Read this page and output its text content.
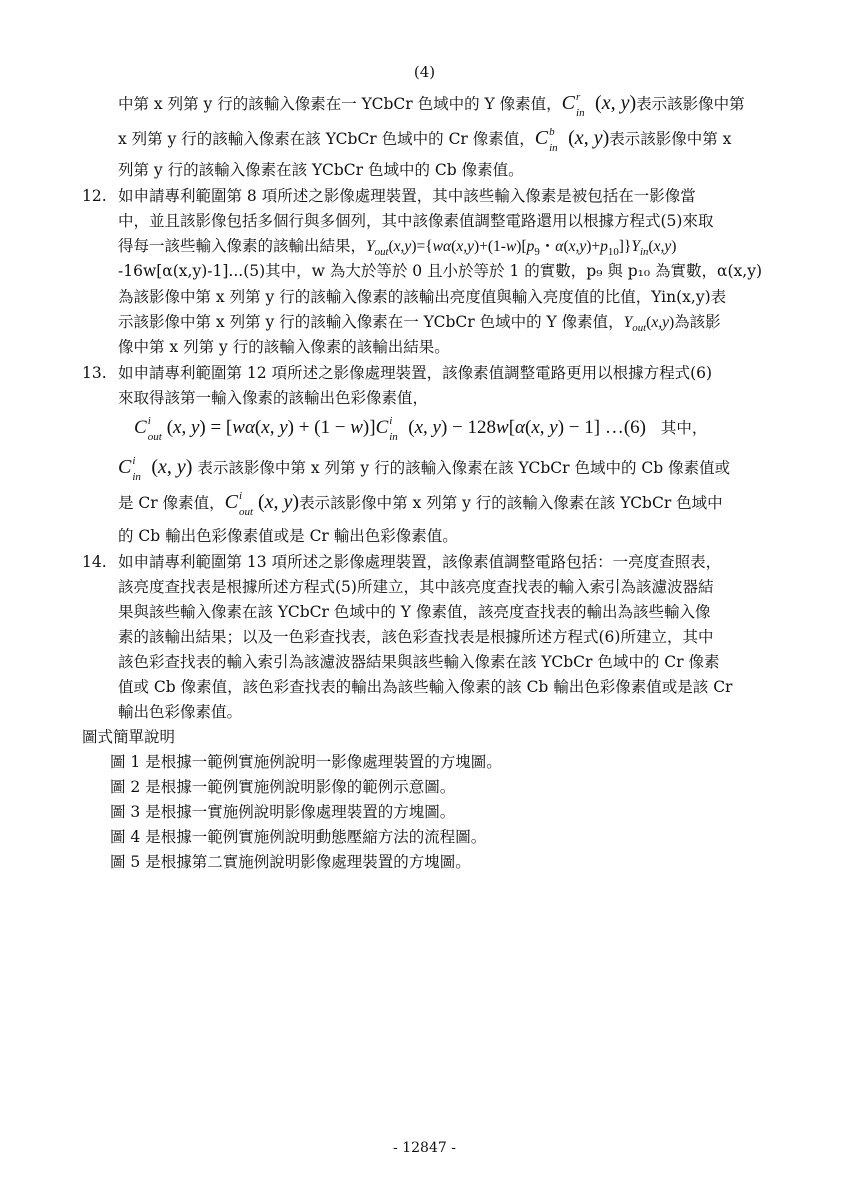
(4)
中第 x 列第 y 行的該輸入像素在一 YCbCr 色域中的 Y 像素值，C r
in (x, y)表示該影像中第
x 列第 y 行的該輸入像素在該 YCbCr 色域中的 Cr 像素值，C b
in (x, y)表示該影像中第 x
列第 y 行的該輸入像素在該 YCbCr 色域中的 Cb 像素值。
12. 如申請專利範圍第 8 項所述之影像處理裝置，其中該些輸入像素是被包括在一影像當
中，並且該影像包括多個行與多個列，其中該像素值調整電路還用以根據方程式(5)來取
得每一該些輸入像素的該輸出結果，$Y_{out}(x,y)=\{w\alpha(x,y)+(1-w)[p_9$・$\alpha(x,y)+p_{10}]\}Y_{in}(x,y)$
-16w[α(x,y)-1]...(5)其中，w 為大於等於 0 且小於等於 1 的實數，p₉ 與 p₁₀ 為實數，α(x,y)
為該影像中第 x 列第 y 行的該輸入像素的該輸出亮度值與輸入亮度值的比值，Yin(x,y)表
示該影像中第 x 列第 y 行的該輸入像素在一 YCbCr 色域中的 Y 像素值，$Y_{out}(x,y)$為該影
像中第 x 列第 y 行的該輸入像素的該輸出結果。
13. 如申請專利範圍第 12 項所述之影像處理裝置，該像素值調整電路更用以根據方程式(6)
來取得該第一輸入像素的該輸出色彩像素值，
C i
out (x, y) = [wα(x, y) + (1 − w)]C i
in (x, y) − 128w[α(x, y) − 1] …(6) 其中，
C i
in (x, y) 表示該影像中第 x 列第 y 行的該輸入像素在該 YCbCr 色域中的 Cb 像素值或
是 Cr 像素值，C i
out (x, y)表示該影像中第 x 列第 y 行的該輸入像素在該 YCbCr 色域中
的 Cb 輸出色彩像素值或是 Cr 輸出色彩像素值。
14. 如申請專利範圍第 13 項所述之影像處理裝置，該像素值調整電路包括：一亮度查照表，
該亮度查找表是根據所述方程式(5)所建立，其中該亮度查找表的輸入索引為該濾波器結
果與該些輸入像素在該 YCbCr 色域中的 Y 像素值，該亮度查找表的輸出為該些輸入像
素的該輸出結果；以及一色彩查找表，該色彩查找表是根據所述方程式(6)所建立，其中
該色彩查找表的輸入索引為該濾波器結果與該些輸入像素在該 YCbCr 色域中的 Cr 像素
值或 Cb 像素值，該色彩查找表的輸出為該些輸入像素的該 Cb 輸出色彩像素值或是該 Cr
輸出色彩像素值。
圖式簡單說明
圖 1 是根據一範例實施例說明一影像處理裝置的方塊圖。
圖 2 是根據一範例實施例說明影像的範例示意圖。
圖 3 是根據一實施例說明影像處理裝置的方塊圖。
圖 4 是根據一範例實施例說明動態壓縮方法的流程圖。
圖 5 是根據第二實施例說明影像處理裝置的方塊圖。
- 12847 -
